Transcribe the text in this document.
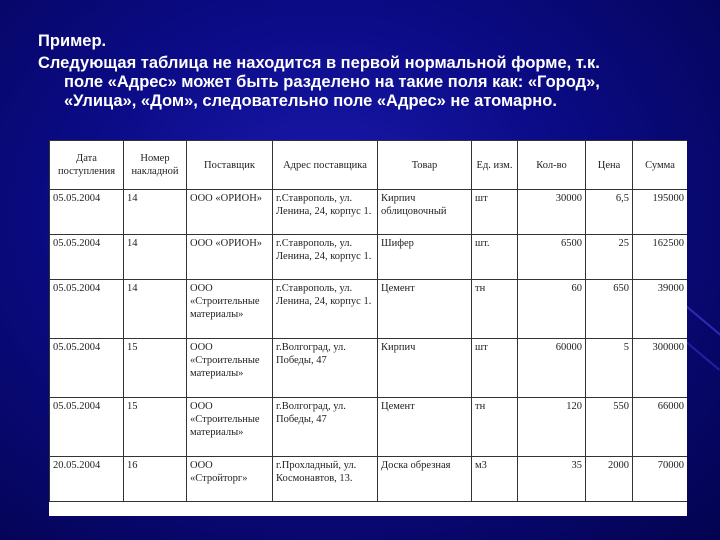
Пример.
Следующая таблица не находится в первой нормальной форме, т.к. поле «Адрес» может быть разделено на такие поля как: «Город», «Улица», «Дом», следовательно поле «Адрес» не атомарно.
Дата поступления	Номер накладной	Поставщик	Адрес поставщика	Товар	Ед. изм.	Кол-во	Цена	Сумма
05.05.2004	14	ООО «ОРИОН»	г.Ставрополь, ул. Ленина, 24, корпус 1.	Кирпич облицовочный	шт	30000	6,5	195000
05.05.2004	14	ООО «ОРИОН»	г.Ставрополь, ул. Ленина, 24, корпус 1.	Шифер	шт.	6500	25	162500
05.05.2004	14	ООО «Строительные материалы»	г.Ставрополь, ул. Ленина, 24, корпус 1.	Цемент	тн	60	650	39000
05.05.2004	15	ООО «Строительные материалы»	г.Волгоград, ул. Победы, 47	Кирпич	шт	60000	5	300000
05.05.2004	15	ООО «Строительные материалы»	г.Волгоград, ул. Победы, 47	Цемент	тн	120	550	66000
20.05.2004	16	ООО «Стройторг»	г.Прохладный, ул. Космонавтов, 13.	Доска обрезная	м3	35	2000	70000
